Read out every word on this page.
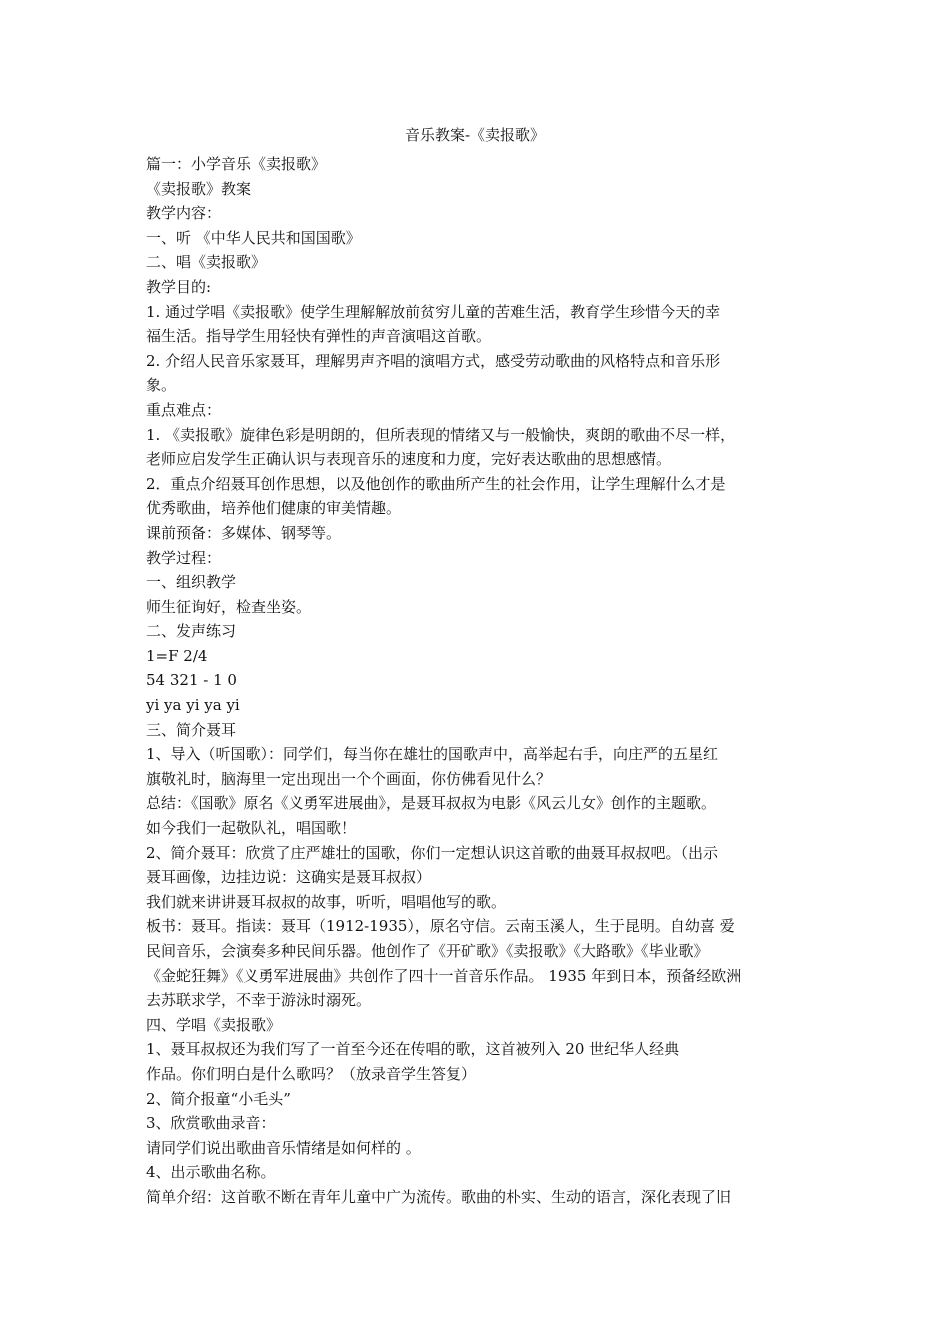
音乐教案-《卖报歌》
篇一：小学音乐《卖报歌》
《卖报歌》教案
教学内容：
一、听 《中华人民共和国国歌》
二、唱《卖报歌》
教学目的:
1. 通过学唱《卖报歌》使学生理解解放前贫穷儿童的苦难生活，教育学生珍惜今天的幸
福生活。指导学生用轻快有弹性的声音演唱这首歌。
2. 介绍人民音乐家聂耳，理解男声齐唱的演唱方式，感受劳动歌曲的风格特点和音乐形
象。
重点难点：
1. 《卖报歌》旋律色彩是明朗的，但所表现的情绪又与一般愉快，爽朗的歌曲不尽一样，
老师应启发学生正确认识与表现音乐的速度和力度，完好表达歌曲的思想感情。
2．重点介绍聂耳创作思想，以及他创作的歌曲所产生的社会作用，让学生理解什么才是
优秀歌曲，培养他们健康的审美情趣。
课前预备：多媒体、钢琴等。
教学过程：
一、组织教学
师生征询好，检查坐姿。
二、发声练习
1=F 2/4
54 321 - 1 0
yi ya yi ya yi
三、简介聂耳
1、导入（听国歌）：同学们，每当你在雄壮的国歌声中，高举起右手，向庄严的五星红
旗敬礼时，脑海里一定出现出一个个画面，你仿佛看见什么？
总结：《国歌》原名《义勇军进展曲》，是聂耳叔叔为电影《风云儿女》创作的主题歌。
如今我们一起敬队礼，唱国歌！
2、简介聂耳：欣赏了庄严雄壮的国歌，你们一定想认识这首歌的曲聂耳叔叔吧。（出示
聂耳画像，边挂边说：这确实是聂耳叔叔）
我们就来讲讲聂耳叔叔的故事，听听，唱唱他写的歌。
板书：聂耳。指读：聂耳（1912-1935），原名守信。云南玉溪人，生于昆明。自幼喜 爱
民间音乐，会演奏多种民间乐器。他创作了《开矿歌》《卖报歌》《大路歌》《毕业歌》
《金蛇狂舞》《义勇军进展曲》共创作了四十一首音乐作品。 1935 年到日本，预备经欧洲
去苏联求学，不幸于游泳时溺死。
四、学唱《卖报歌》
1、聂耳叔叔还为我们写了一首至今还在传唱的歌，这首被列入 20 世纪华人经典
作品。你们明白是什么歌吗？（放录音学生答复）
2、简介报童“小毛头”
3、欣赏歌曲录音：
请同学们说出歌曲音乐情绪是如何样的 。
4、出示歌曲名称。
简单介绍：这首歌不断在青年儿童中广为流传。歌曲的朴实、生动的语言，深化表现了旧
